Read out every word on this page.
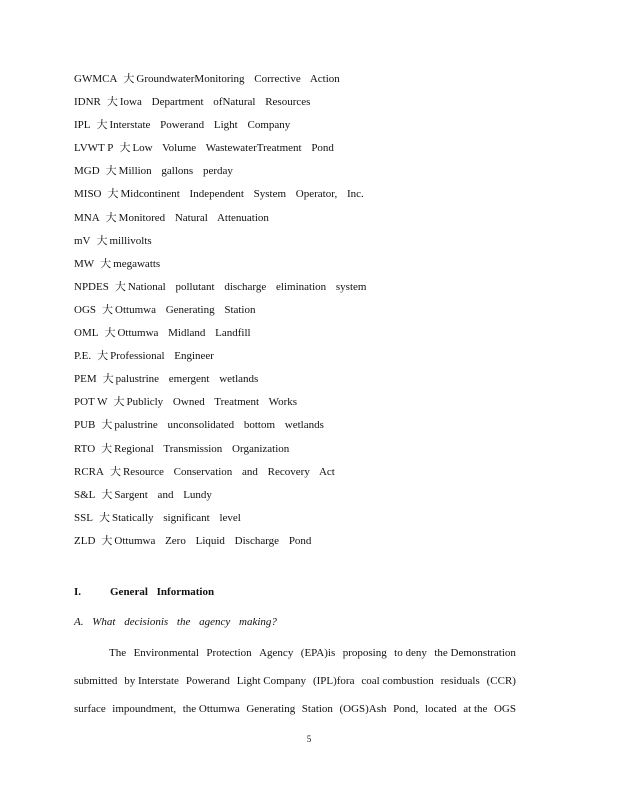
GWMCA 大 GroundwaterMonitoring Corrective Action
IDNR 大 Iowa Department ofNatural Resources
IPL 大 Interstate Powerand Light Company
LVWT P 大 Low Volume WastewaterTreatment Pond
MGD 大 Million gallons perday
MISO 大 Midcontinent Independent System Operator, Inc.
MNA 大 Monitored Natural Attenuation
mV 大 millivolts
MW 大 megawatts
NPDES 大 National pollutant discharge elimination system
OGS 大 Ottumwa Generating Station
OML 大 Ottumwa Midland Landfill
P.E. 大 Professional Engineer
PEM 大 palustrine emergent wetlands
POT W 大 Publicly Owned Treatment Works
PUB 大 palustrine unconsolidated bottom wetlands
RTO 大 Regional Transmission Organization
RCRA 大 Resource Conservation and Recovery Act
S&L 大 Sargent and Lundy
SSL 大 Statically significant level
ZLD 大 Ottumwa Zero Liquid Discharge Pond
I.	General Information
A. What decisionis the agency making?
The Environmental Protection Agency (EPA)is proposing to deny the Demonstration
submitted by Interstate Powerand Light Company (IPL)fora coal combustion residuals (CCR)
surface impoundment, the Ottumwa Generating Station (OGS)Ash Pond, located at the OGS
5
